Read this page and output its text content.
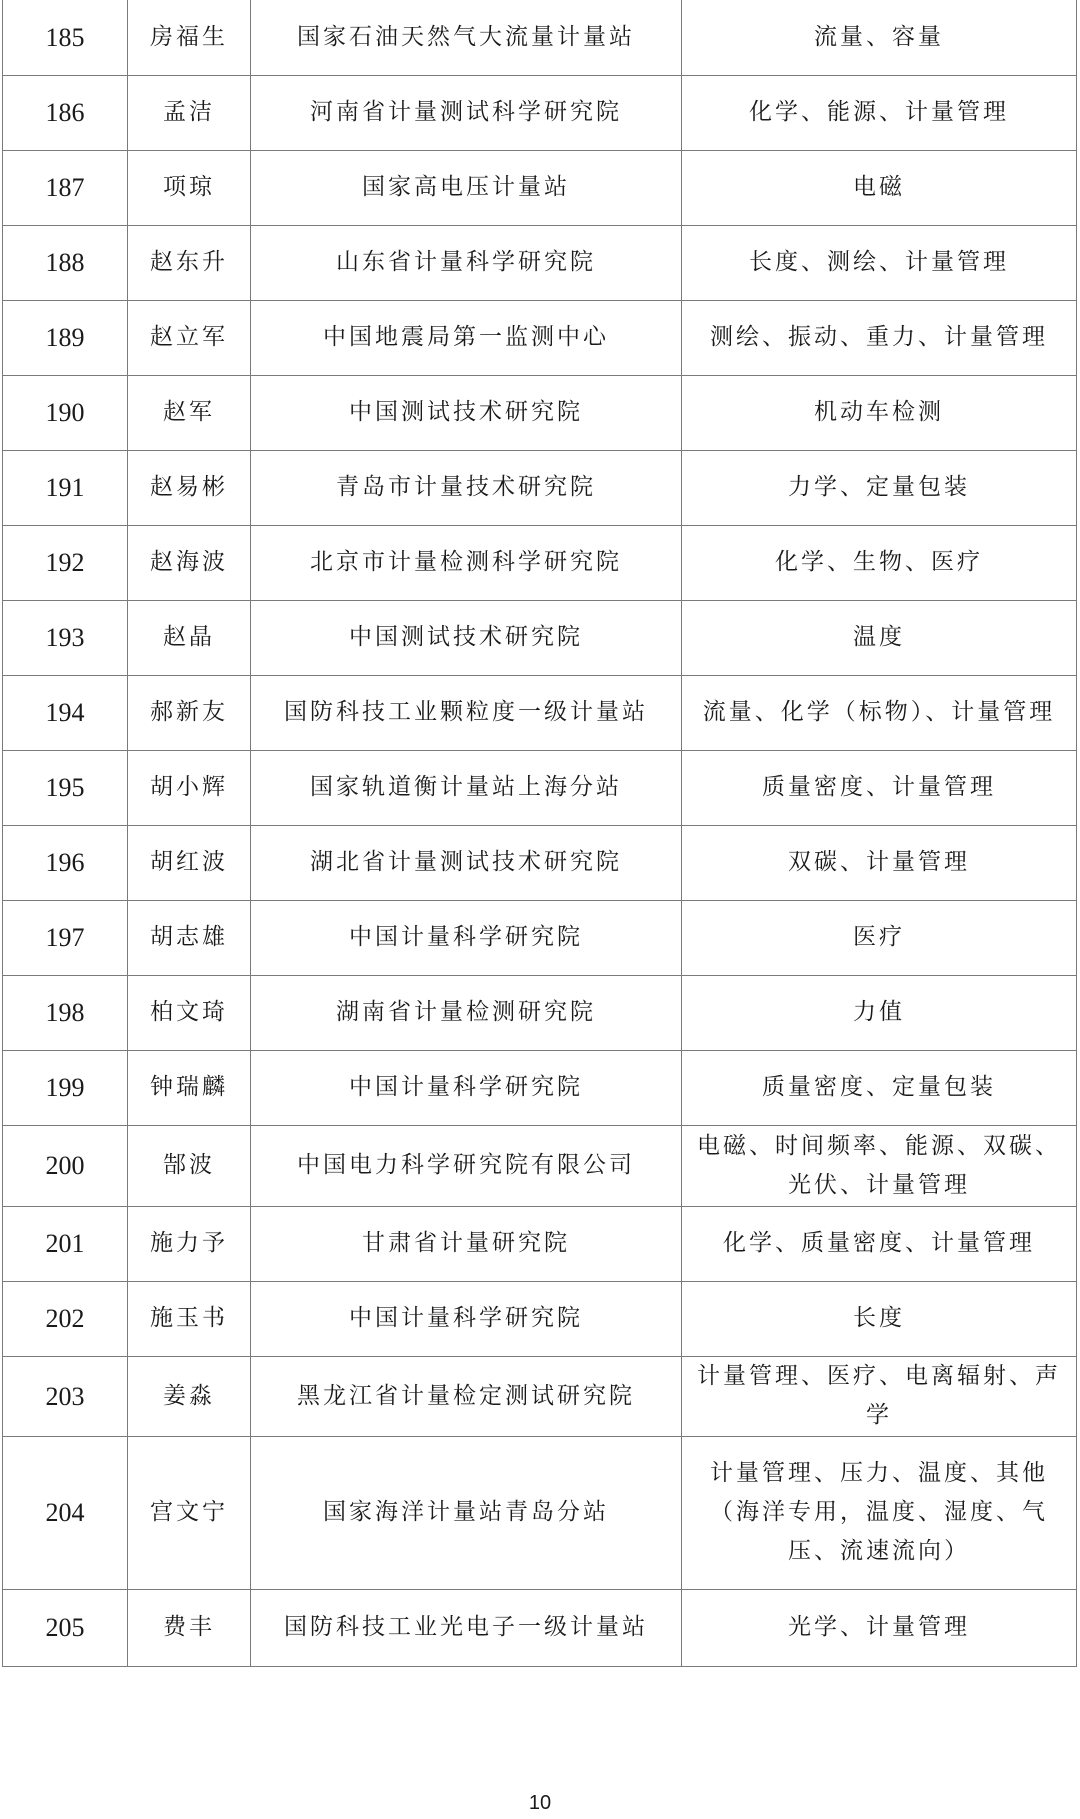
185	房福生	国家石油天然气大流量计量站	流量、容量
186	孟洁	河南省计量测试科学研究院	化学、能源、计量管理
187	项琼	国家高电压计量站	电磁
188	赵东升	山东省计量科学研究院	长度、测绘、计量管理
189	赵立军	中国地震局第一监测中心	测绘、振动、重力、计量管理
190	赵军	中国测试技术研究院	机动车检测
191	赵易彬	青岛市计量技术研究院	力学、定量包装
192	赵海波	北京市计量检测科学研究院	化学、生物、医疗
193	赵晶	中国测试技术研究院	温度
194	郝新友	国防科技工业颗粒度一级计量站	流量、化学（标物）、计量管理
195	胡小辉	国家轨道衡计量站上海分站	质量密度、计量管理
196	胡红波	湖北省计量测试技术研究院	双碳、计量管理
197	胡志雄	中国计量科学研究院	医疗
198	柏文琦	湖南省计量检测研究院	力值
199	钟瑞麟	中国计量科学研究院	质量密度、定量包装
200	郜波	中国电力科学研究院有限公司	电磁、时间频率、能源、双碳、光伏、计量管理
201	施力予	甘肃省计量研究院	化学、质量密度、计量管理
202	施玉书	中国计量科学研究院	长度
203	姜淼	黑龙江省计量检定测试研究院	计量管理、医疗、电离辐射、声学
204	宫文宁	国家海洋计量站青岛分站	计量管理、压力、温度、其他（海洋专用，温度、湿度、气压、流速流向）
205	费丰	国防科技工业光电子一级计量站	光学、计量管理
10
